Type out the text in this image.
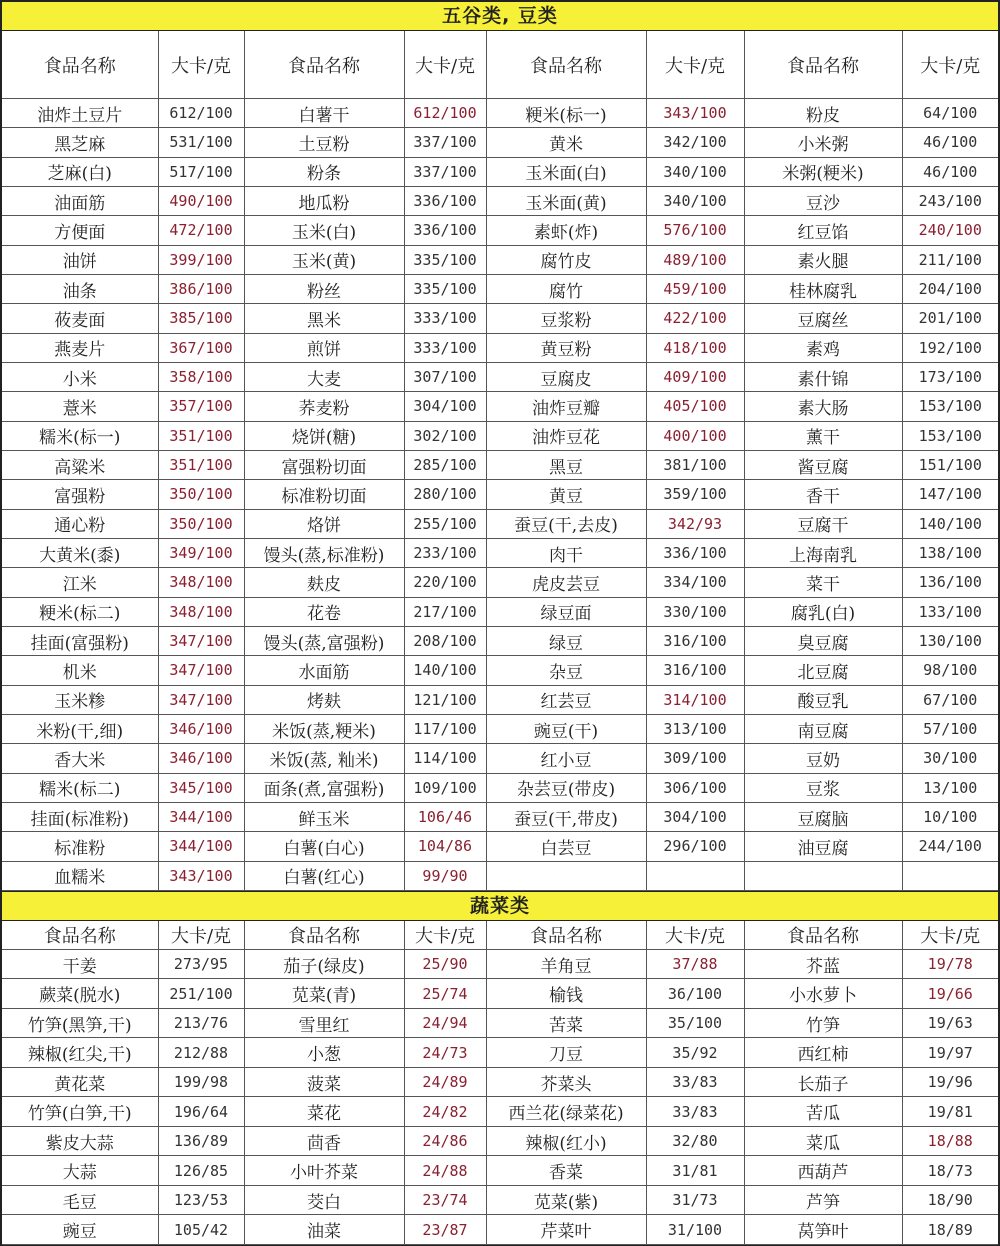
五谷类, 豆类
食品名称	大卡/克	食品名称	大卡/克	食品名称	大卡/克	食品名称	大卡/克
油炸土豆片	612/100	白薯干	612/100	粳米(标一)	343/100	粉皮	64/100
黑芝麻	531/100	土豆粉	337/100	黄米	342/100	小米粥	46/100
芝麻(白)	517/100	粉条	337/100	玉米面(白)	340/100	米粥(粳米)	46/100
油面筋	490/100	地瓜粉	336/100	玉米面(黄)	340/100	豆沙	243/100
方便面	472/100	玉米(白)	336/100	素虾(炸)	576/100	红豆馅	240/100
油饼	399/100	玉米(黄)	335/100	腐竹皮	489/100	素火腿	211/100
油条	386/100	粉丝	335/100	腐竹	459/100	桂林腐乳	204/100
莜麦面	385/100	黑米	333/100	豆浆粉	422/100	豆腐丝	201/100
燕麦片	367/100	煎饼	333/100	黄豆粉	418/100	素鸡	192/100
小米	358/100	大麦	307/100	豆腐皮	409/100	素什锦	173/100
薏米	357/100	荞麦粉	304/100	油炸豆瓣	405/100	素大肠	153/100
糯米(标一)	351/100	烧饼(糖)	302/100	油炸豆花	400/100	薰干	153/100
高粱米	351/100	富强粉切面	285/100	黑豆	381/100	酱豆腐	151/100
富强粉	350/100	标准粉切面	280/100	黄豆	359/100	香干	147/100
通心粉	350/100	烙饼	255/100	蚕豆(干,去皮)	342/93	豆腐干	140/100
大黄米(黍)	349/100	馒头(蒸,标准粉)	233/100	肉干	336/100	上海南乳	138/100
江米	348/100	麸皮	220/100	虎皮芸豆	334/100	菜干	136/100
粳米(标二)	348/100	花卷	217/100	绿豆面	330/100	腐乳(白)	133/100
挂面(富强粉)	347/100	馒头(蒸,富强粉)	208/100	绿豆	316/100	臭豆腐	130/100
机米	347/100	水面筋	140/100	杂豆	316/100	北豆腐	98/100
玉米糁	347/100	烤麸	121/100	红芸豆	314/100	酸豆乳	67/100
米粉(干,细)	346/100	米饭(蒸,粳米)	117/100	豌豆(干)	313/100	南豆腐	57/100
香大米	346/100	米饭(蒸, 籼米)	114/100	红小豆	309/100	豆奶	30/100
糯米(标二)	345/100	面条(煮,富强粉)	109/100	杂芸豆(带皮)	306/100	豆浆	13/100
挂面(标准粉)	344/100	鲜玉米	106/46	蚕豆(干,带皮)	304/100	豆腐脑	10/100
标准粉	344/100	白薯(白心)	104/86	白芸豆	296/100	油豆腐	244/100
血糯米	343/100	白薯(红心)	99/90				
蔬菜类
食品名称	大卡/克	食品名称	大卡/克	食品名称	大卡/克	食品名称	大卡/克
干姜	273/95	茄子(绿皮)	25/90	羊角豆	37/88	芥蓝	19/78
蕨菜(脱水)	251/100	苋菜(青)	25/74	榆钱	36/100	小水萝卜	19/66
竹笋(黑笋,干)	213/76	雪里红	24/94	苦菜	35/100	竹笋	19/63
辣椒(红尖,干)	212/88	小葱	24/73	刀豆	35/92	西红柿	19/97
黄花菜	199/98	菠菜	24/89	芥菜头	33/83	长茄子	19/96
竹笋(白笋,干)	196/64	菜花	24/82	西兰花(绿菜花)	33/83	苦瓜	19/81
紫皮大蒜	136/89	茴香	24/86	辣椒(红小)	32/80	菜瓜	18/88
大蒜	126/85	小叶芥菜	24/88	香菜	31/81	西葫芦	18/73
毛豆	123/53	茭白	23/74	苋菜(紫)	31/73	芦笋	18/90
豌豆	105/42	油菜	23/87	芹菜叶	31/100	莴笋叶	18/89
